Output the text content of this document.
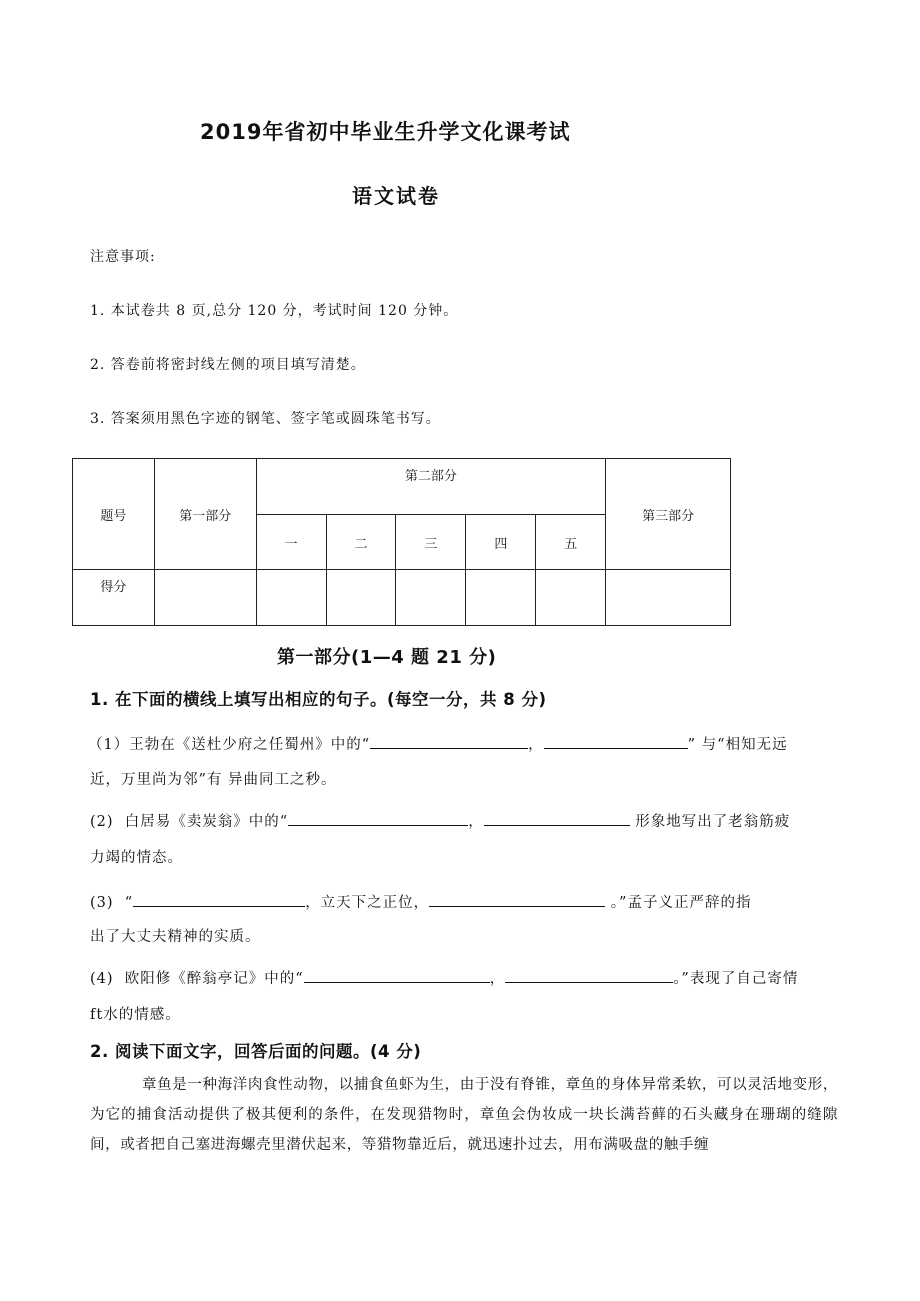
2019年省初中毕业生升学文化课考试
语文试卷
注意事项:
1. 本试卷共 8 页,总分 120 分，考试时间 120 分钟。
2. 答卷前将密封线左侧的项目填写清楚。
3. 答案须用黑色字迹的钢笔、签字笔或圆珠笔书写。
题号	第一部分	第二部分					第三部分
		一	二	三	四	五	
得分							
第一部分(1—4 题 21 分)
1. 在下面的横线上填写出相应的句子。(每空一分，共 8 分)
（1）王勃在《送杜少府之任蜀州》中的“	，	” 与“相知无远
近，万里尚为邻”有 异曲同工之秒。
(2)  白居易《卖炭翁》中的“	，	形象地写出了老翁筋疲
力竭的情态。
(3)  “	，立天下之正位，	。”孟子义正严辞的指
出了大丈夫精神的实质。
(4)  欧阳修《醉翁亭记》中的“	，	。”表现了自己寄情
ft水的情感。
2. 阅读下面文字，回答后面的问题。(4 分)
章鱼是一种海洋肉食性动物，以捕食鱼虾为生，由于没有脊锥，章鱼的身体异常柔软，可以灵活地变形，为它的捕食活动提供了极其便利的条件，在发现猎物时，章鱼会伪妆成一块长满苔藓的石头藏身在珊瑚的缝隙间，或者把自己塞进海螺壳里潜伏起来，等猎物靠近后，就迅速扑过去，用布满吸盘的触手缠
